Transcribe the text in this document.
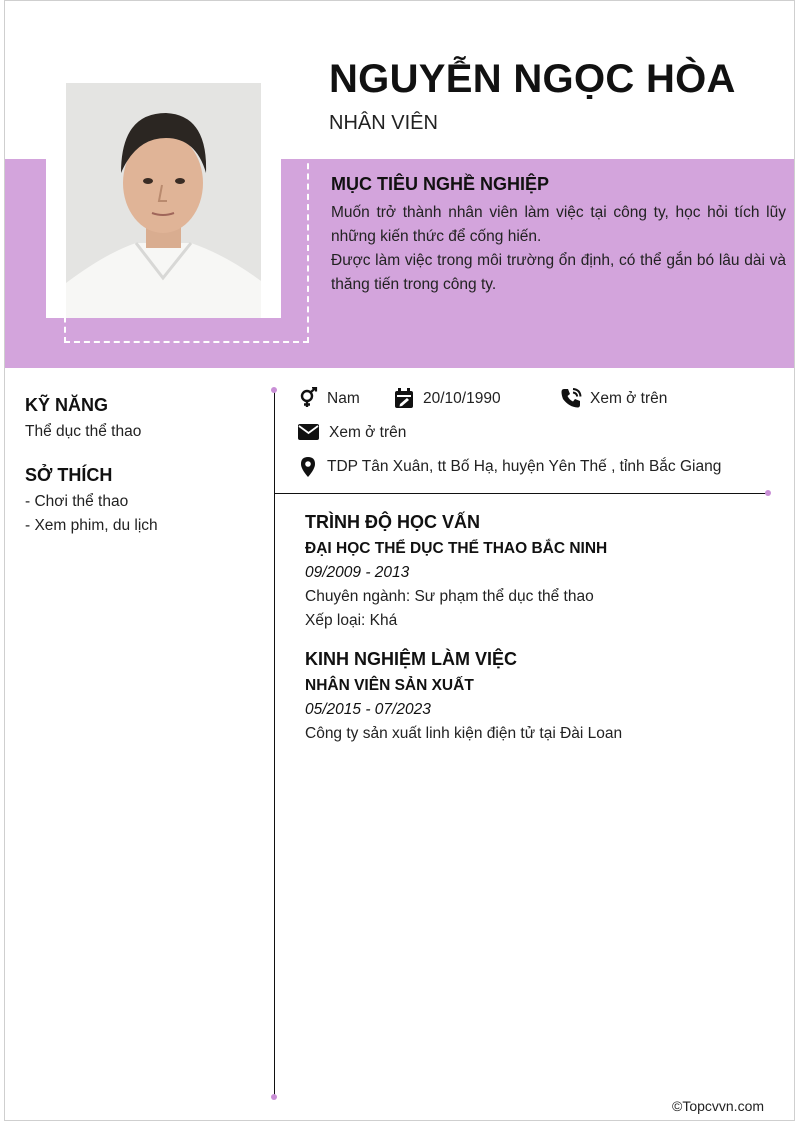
NGUYỄN NGỌC HÒA
NHÂN VIÊN
MỤC TIÊU NGHỀ NGHIỆP

Muốn trở thành nhân viên làm việc tại công ty, học hỏi tích lũy những kiến thức để cống hiến.

Được làm việc trong môi trường ổn định, có thể gắn bó lâu dài và thăng tiến trong công ty.

KỸ NĂNG
Thể dục thể thao
SỞ THÍCH
- Chơi thể thao
- Xem phim, du lịch
Nam	20/10/1990	Xem ở trên
Xem ở trên
TDP Tân Xuân, tt Bố Hạ, huyện Yên Thế , tỉnh Bắc Giang
TRÌNH ĐỘ HỌC VẤN
ĐẠI HỌC THỂ DỤC THỂ THAO BẮC NINH
09/2009 - 2013
Chuyên ngành: Sư phạm thể dục thể thao
Xếp loại: Khá
KINH NGHIỆM LÀM VIỆC
NHÂN VIÊN SẢN XUẤT
05/2015 - 07/2023
Công ty sản xuất linh kiện điện tử tại Đài Loan
©Topcvvn.com
